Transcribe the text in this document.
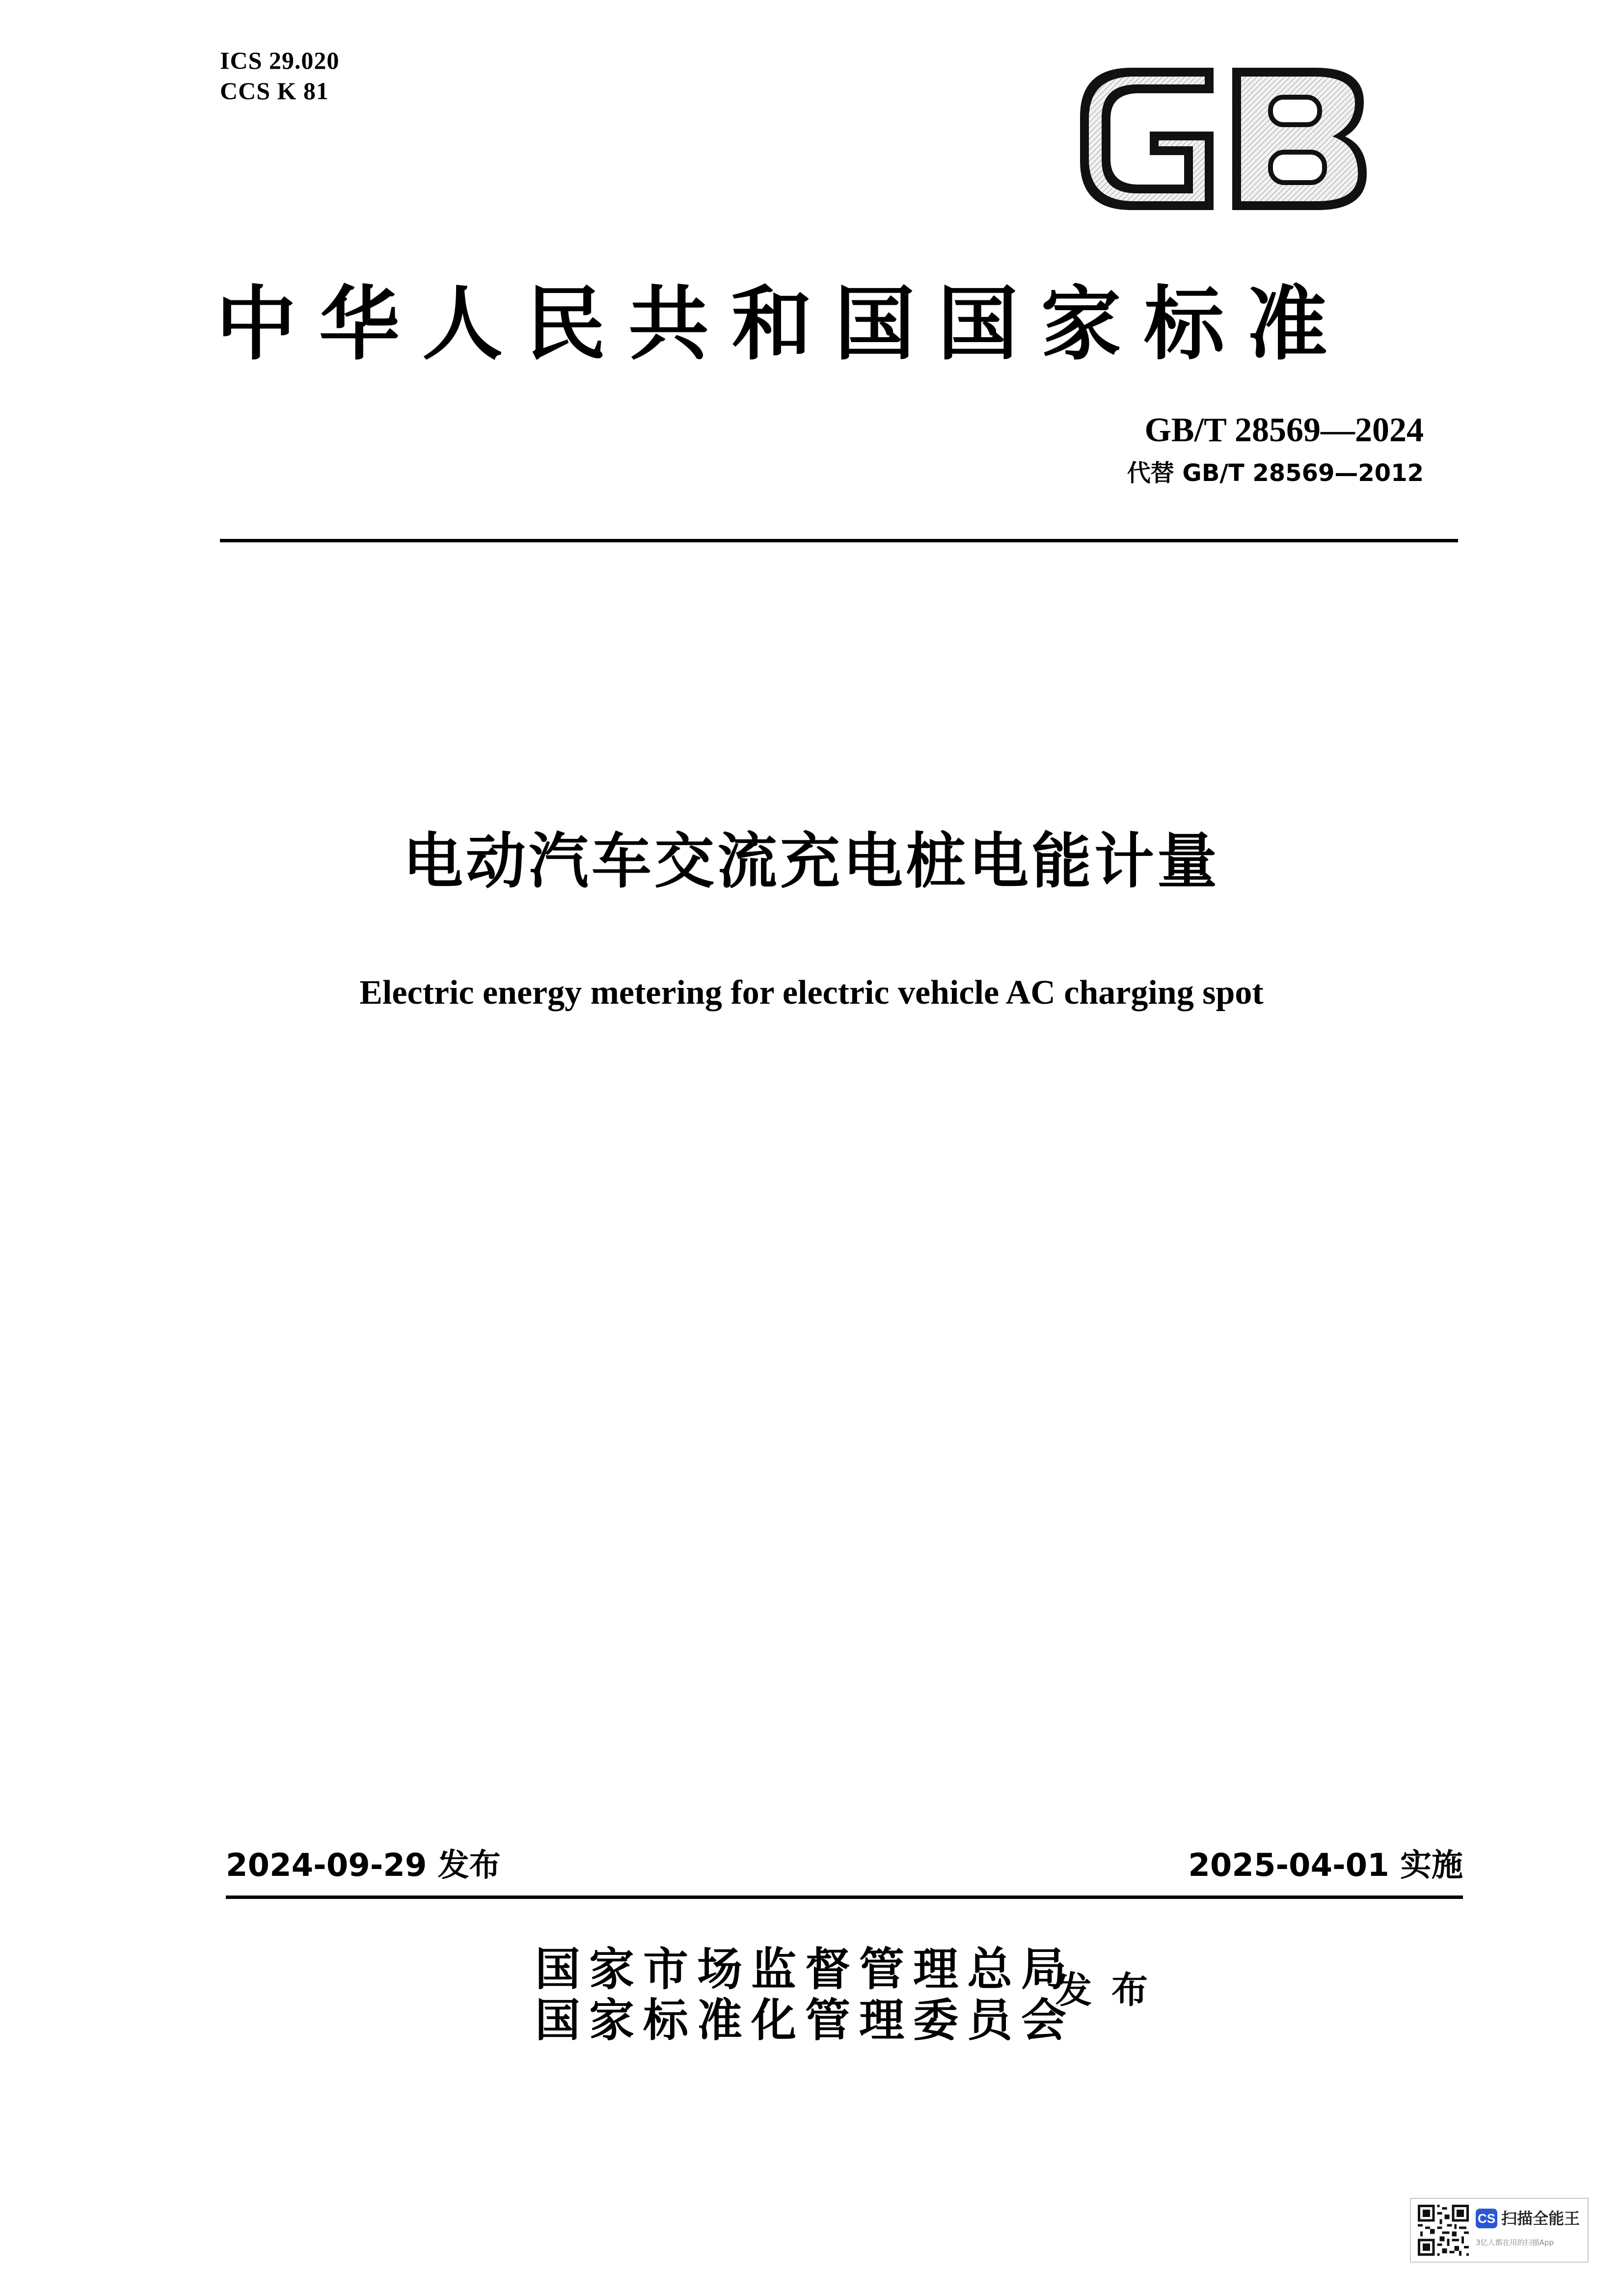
ICS 29.020
CCS K 81
GB
中华人民共和国国家标准
GB/T 28569—2024
代替 GB/T 28569—2012
电动汽车交流充电桩电能计量
Electric energy metering for electric vehicle AC charging spot
2024-09-29 发布	2025-04-01 实施
国家市场监督管理总局
国家标准化管理委员会
发布
CS 扫描全能王
3亿人都在用的扫描App
